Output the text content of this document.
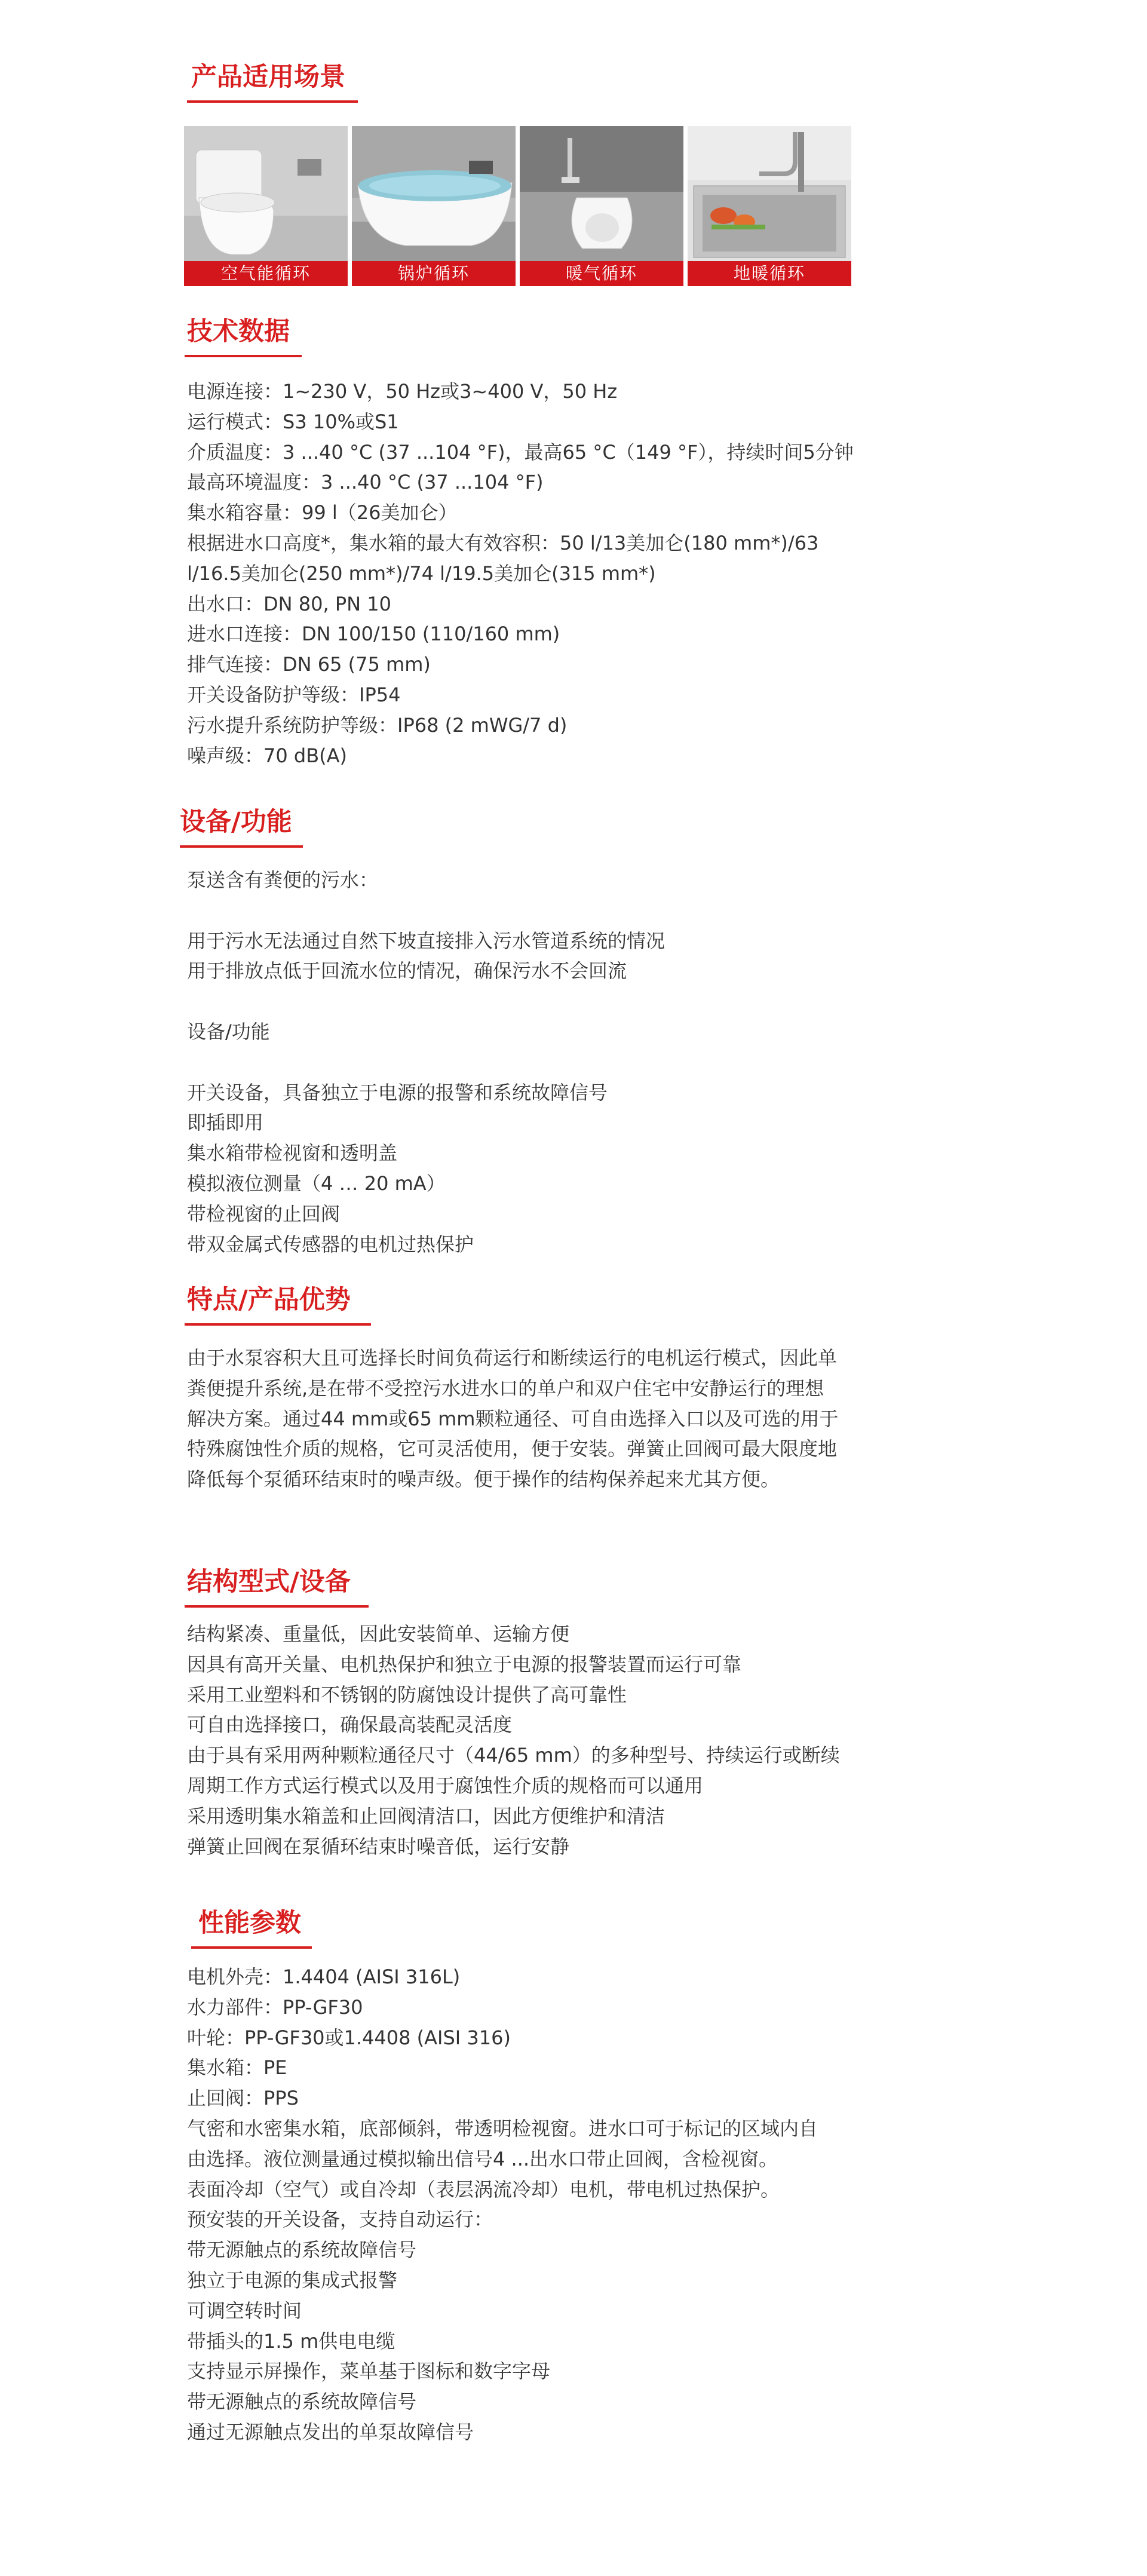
产品适用场景
空气能循环	锅炉循环	暖气循环	地暖循环
技术数据
电源连接：1~230 V，50 Hz或3~400 V，50 Hz
运行模式：S3 10%或S1
介质温度：3 ...40 °C (37 ...104 °F)，最高65 °C（149 °F），持续时间5分钟
最高环境温度：3 ...40 °C (37 ...104 °F)
集水箱容量：99 l（26美加仑）
根据进水口高度*，集水箱的最大有效容积：50 l/13美加仑(180 mm*)/63
l/16.5美加仑(250 mm*)/74 l/19.5美加仑(315 mm*)
出水口：DN 80, PN 10
进水口连接：DN 100/150 (110/160 mm)
排气连接：DN 65 (75 mm)
开关设备防护等级：IP54
污水提升系统防护等级：IP68 (2 mWG/7 d)
噪声级：70 dB(A)
设备/功能
泵送含有粪便的污水：
用于污水无法通过自然下坡直接排入污水管道系统的情况
用于排放点低于回流水位的情况，确保污水不会回流
设备/功能
开关设备，具备独立于电源的报警和系统故障信号
即插即用
集水箱带检视窗和透明盖
模拟液位测量（4 … 20 mA）
带检视窗的止回阀
带双金属式传感器的电机过热保护
特点/产品优势
由于水泵容积大且可选择长时间负荷运行和断续运行的电机运行模式，因此单
粪便提升系统,是在带不受控污水进水口的单户和双户住宅中安静运行的理想
解决方案。通过44 mm或65 mm颗粒通径、可自由选择入口以及可选的用于
特殊腐蚀性介质的规格，它可灵活使用，便于安装。弹簧止回阀可最大限度地
降低每个泵循环结束时的噪声级。便于操作的结构保养起来尤其方便。
结构型式/设备
结构紧凑、重量低，因此安装简单、运输方便
因具有高开关量、电机热保护和独立于电源的报警装置而运行可靠
采用工业塑料和不锈钢的防腐蚀设计提供了高可靠性
可自由选择接口，确保最高装配灵活度
由于具有采用两种颗粒通径尺寸（44/65 mm）的多种型号、持续运行或断续
周期工作方式运行模式以及用于腐蚀性介质的规格而可以通用
采用透明集水箱盖和止回阀清洁口，因此方便维护和清洁
弹簧止回阀在泵循环结束时噪音低，运行安静
性能参数
电机外壳：1.4404 (AISI 316L)
水力部件：PP-GF30
叶轮：PP-GF30或1.4408 (AISI 316)
集水箱：PE
止回阀：PPS
气密和水密集水箱，底部倾斜，带透明检视窗。进水口可于标记的区域内自
由选择。液位测量通过模拟输出信号4 ...出水口带止回阀，含检视窗。
表面冷却（空气）或自冷却（表层涡流冷却）电机，带电机过热保护。
预安装的开关设备，支持自动运行：
带无源触点的系统故障信号
独立于电源的集成式报警
可调空转时间
带插头的1.5 m供电电缆
支持显示屏操作，菜单基于图标和数字字母
带无源触点的系统故障信号
通过无源触点发出的单泵故障信号
